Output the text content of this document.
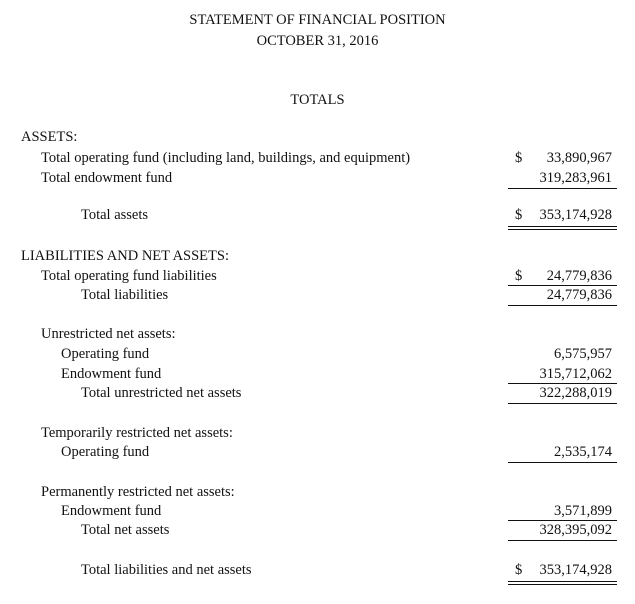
STATEMENT OF FINANCIAL POSITION
OCTOBER 31, 2016
TOTALS
ASSETS:
Total operating fund (including land, buildings, and equipment)	$ 33,890,967
Total endowment fund	319,283,961
Total assets	$ 353,174,928
LIABILITIES AND NET ASSETS:
Total operating fund liabilities	$ 24,779,836
Total liabilities	24,779,836
Unrestricted net assets:
Operating fund	6,575,957
Endowment fund	315,712,062
Total unrestricted net assets	322,288,019
Temporarily restricted net assets:
Operating fund	2,535,174
Permanently restricted net assets:
Endowment fund	3,571,899
Total net assets	328,395,092
Total liabilities and net assets	$ 353,174,928
